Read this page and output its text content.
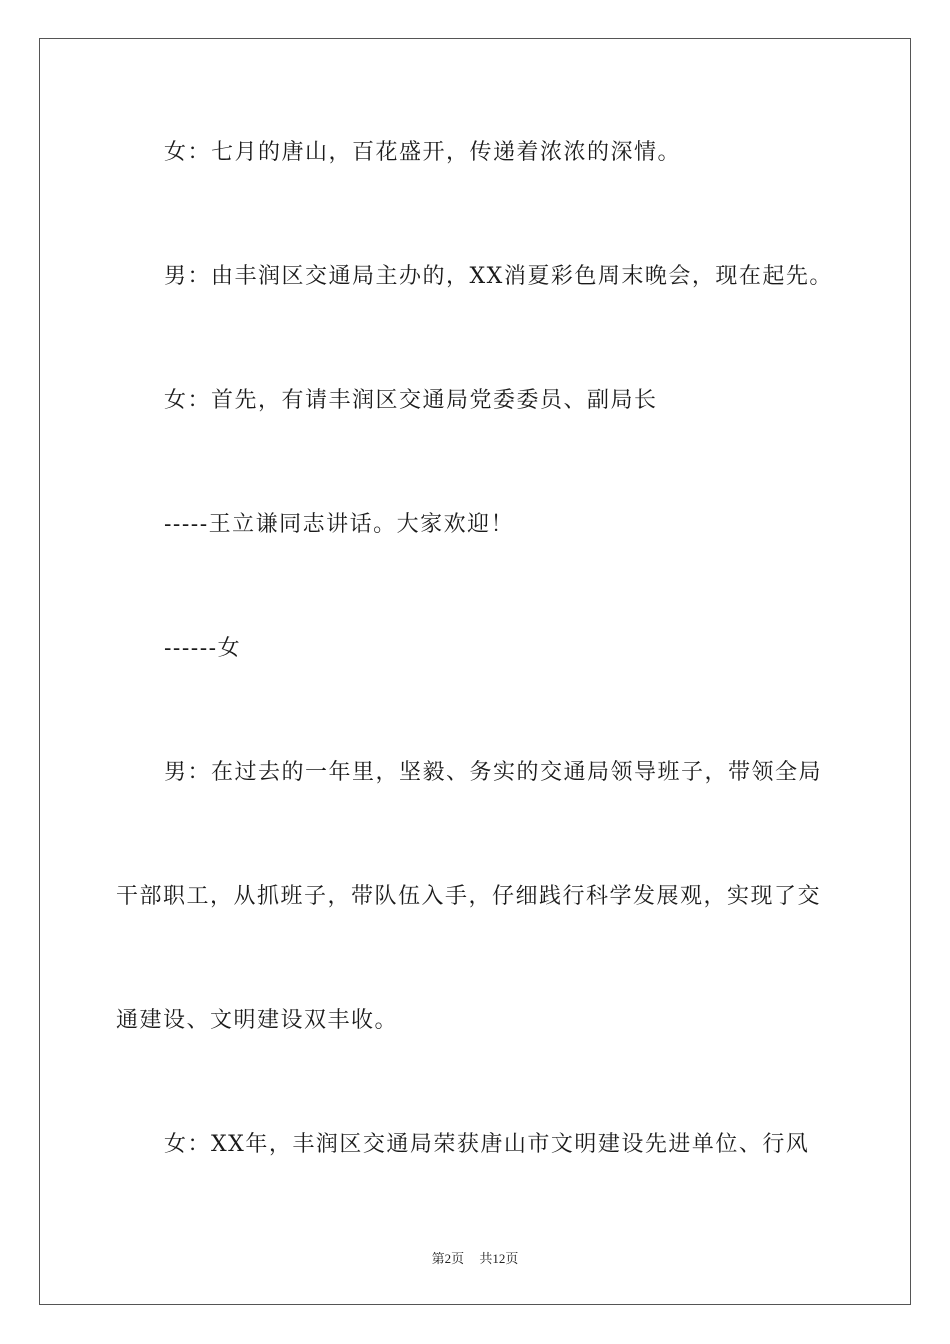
女：七月的唐山，百花盛开，传递着浓浓的深情。

男：由丰润区交通局主办的，XX消夏彩色周末晚会，现在起先。

女：首先，有请丰润区交通局党委委员、副局长

-----王立谦同志讲话。大家欢迎！

------女

男：在过去的一年里，坚毅、务实的交通局领导班子，带领全局

干部职工，从抓班子，带队伍入手，仔细践行科学发展观，实现了交

通建设、文明建设双丰收。

女：XX年，丰润区交通局荣获唐山市文明建设先进单位、行风

第2页 共12页
